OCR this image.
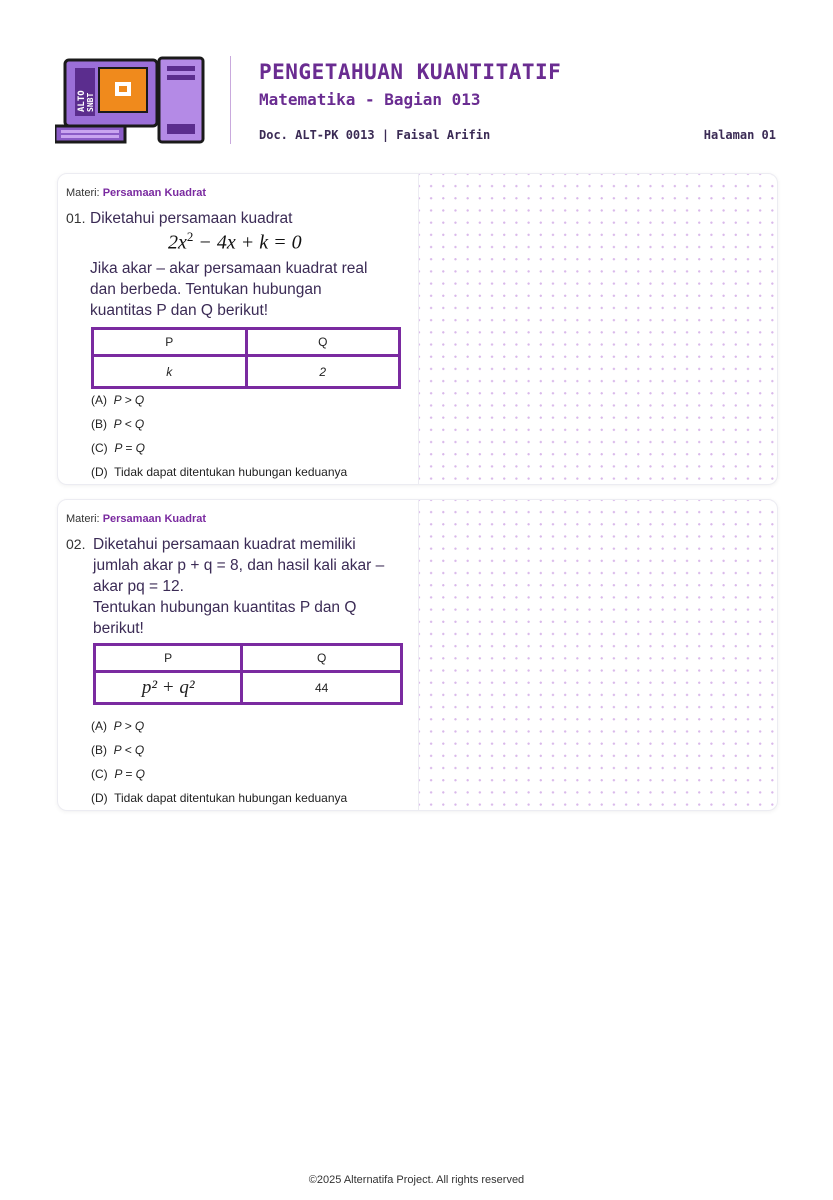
ALTO SNBT
PENGETAHUAN KUANTITATIF
Matematika - Bagian 013
Doc. ALT-PK 0013 | Faisal Arifin	Halaman 01
Materi: Persamaan Kuadrat
01. Diketahui persamaan kuadrat
$2x^2 - 4x + k = 0$
Jika akar – akar persamaan kuadrat real
dan berbeda. Tentukan hubungan
kuantitas P dan Q berikut!
P	Q
k	2
(A) P > Q
(B) P < Q
(C) P = Q
(D) Tidak dapat ditentukan hubungan keduanya
Materi: Persamaan Kuadrat
02. Diketahui persamaan kuadrat memiliki
jumlah akar p + q = 8, dan hasil kali akar –
akar pq = 12.
Tentukan hubungan kuantitas P dan Q
berikut!
P	Q
p² + q²	44
(A) P > Q
(B) P < Q
(C) P = Q
(D) Tidak dapat ditentukan hubungan keduanya
©2025 Alternatifa Project. All rights reserved
